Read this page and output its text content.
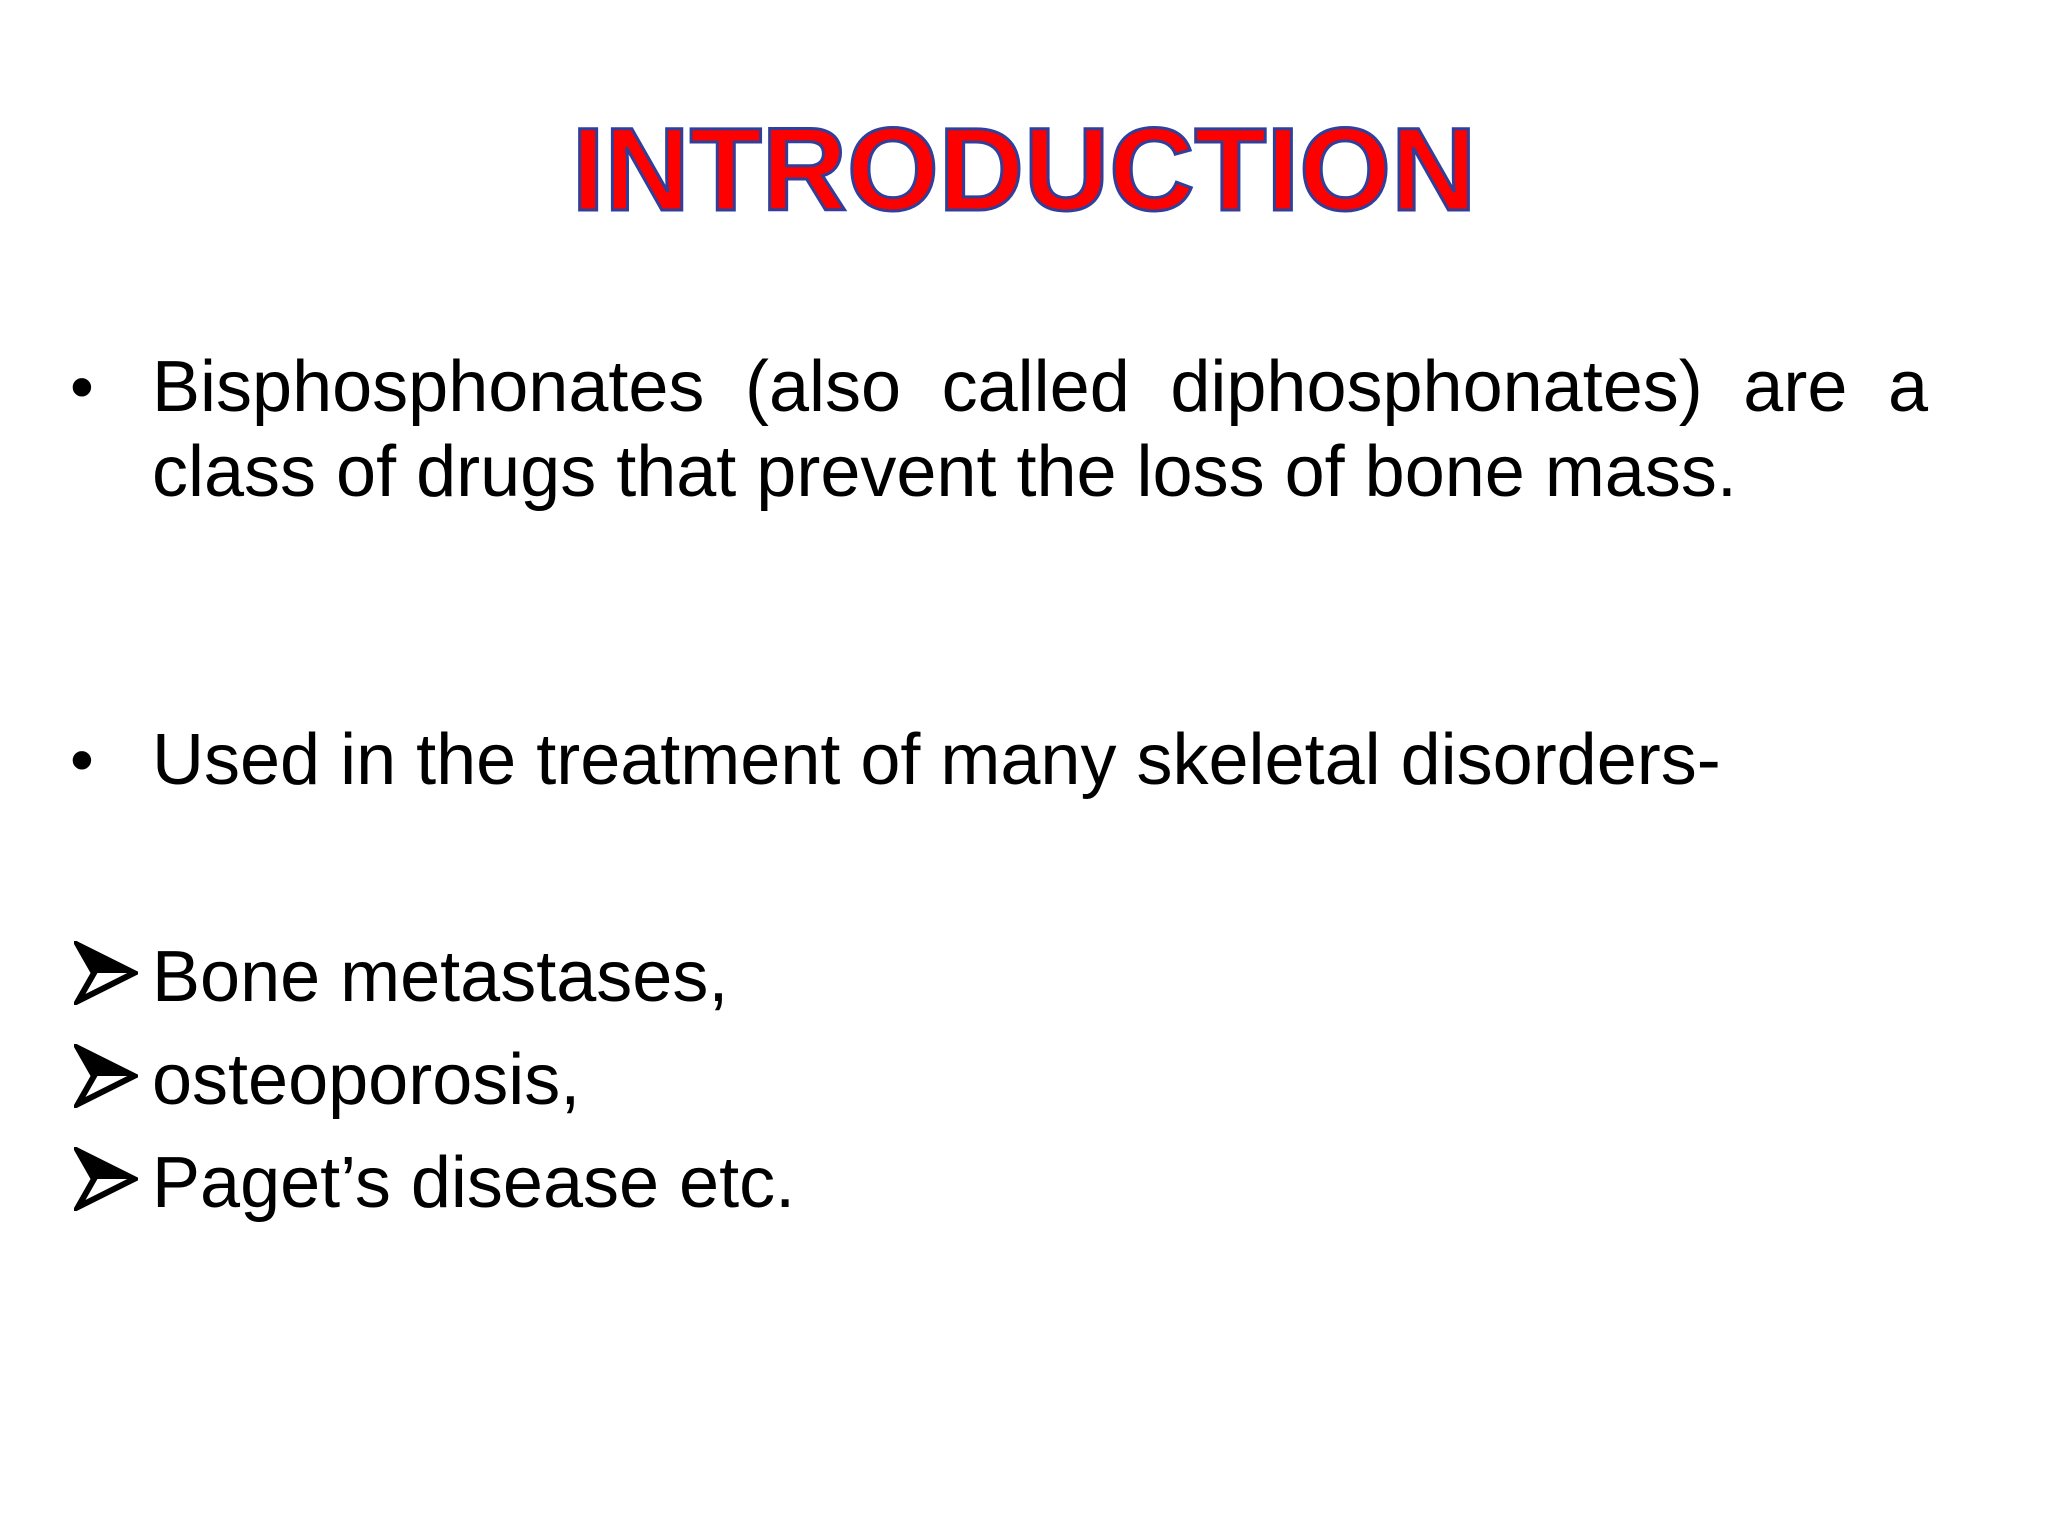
INTRODUCTION
• Bisphosphonates (also called diphosphonates) are a class of drugs that prevent the loss of bone mass.

• Used in the treatment of many skeletal disorders-

Bone metastases,

osteoporosis,

Paget’s disease etc.
